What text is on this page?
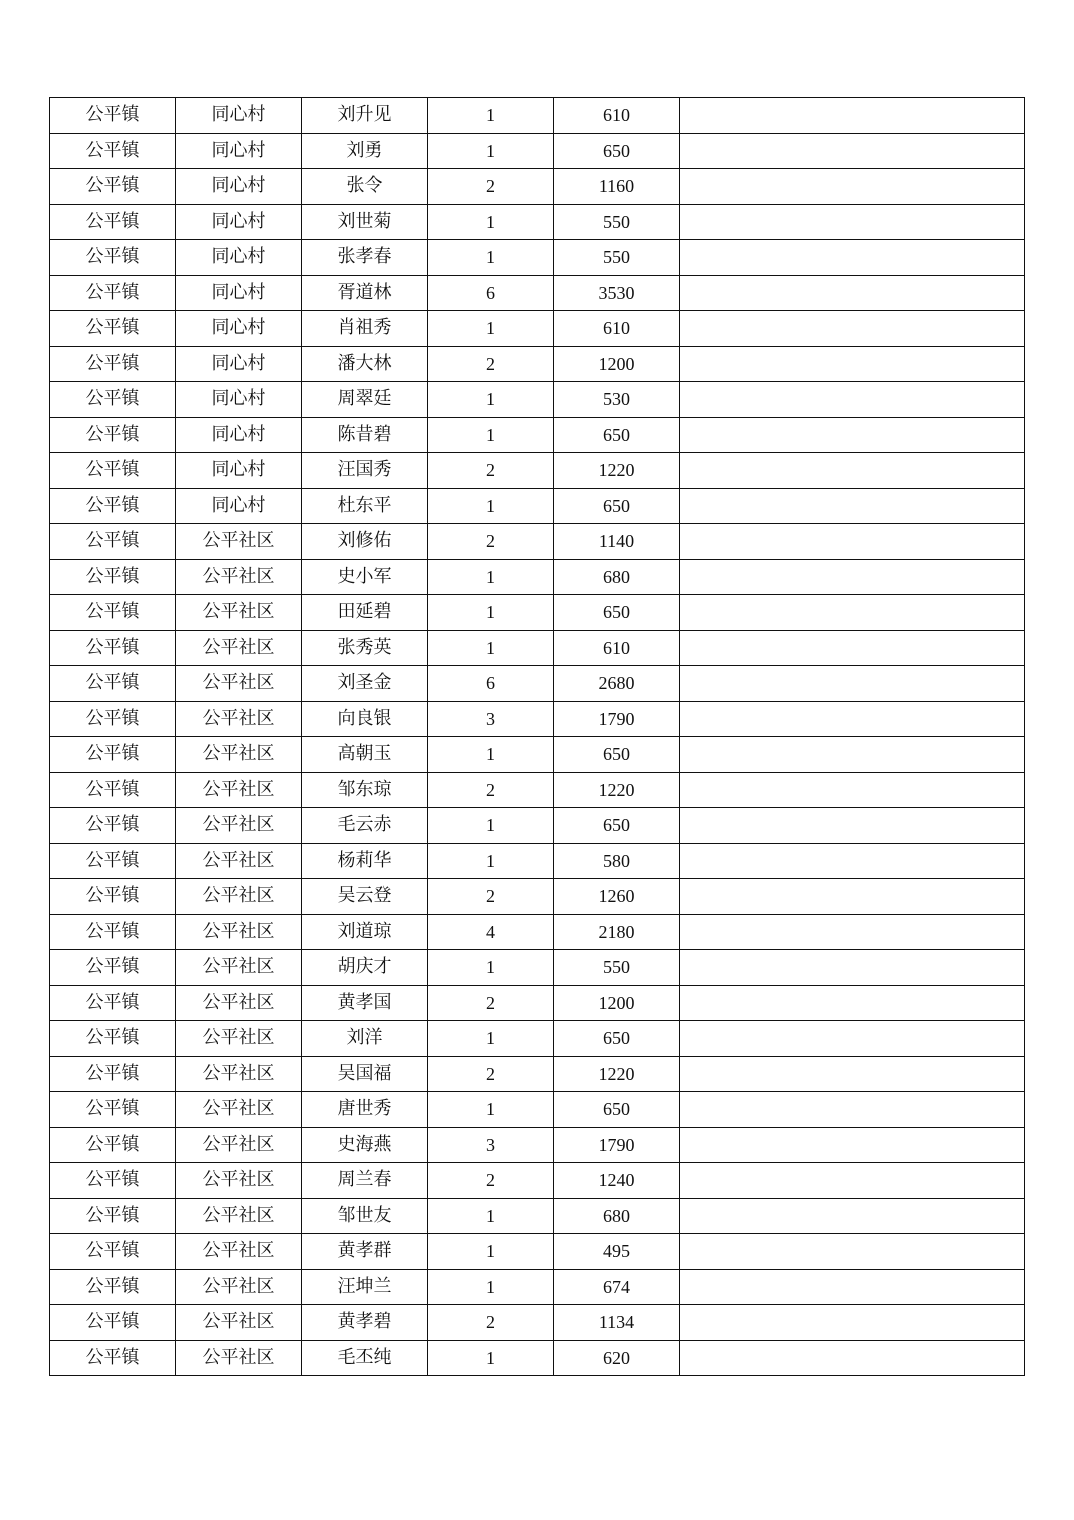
公平镇	同心村	刘升见	1	610	
公平镇	同心村	刘勇	1	650	
公平镇	同心村	张令	2	1160	
公平镇	同心村	刘世菊	1	550	
公平镇	同心村	张孝春	1	550	
公平镇	同心村	胥道林	6	3530	
公平镇	同心村	肖祖秀	1	610	
公平镇	同心村	潘大林	2	1200	
公平镇	同心村	周翠廷	1	530	
公平镇	同心村	陈昔碧	1	650	
公平镇	同心村	汪国秀	2	1220	
公平镇	同心村	杜东平	1	650	
公平镇	公平社区	刘修佑	2	1140	
公平镇	公平社区	史小军	1	680	
公平镇	公平社区	田延碧	1	650	
公平镇	公平社区	张秀英	1	610	
公平镇	公平社区	刘圣金	6	2680	
公平镇	公平社区	向良银	3	1790	
公平镇	公平社区	高朝玉	1	650	
公平镇	公平社区	邹东琼	2	1220	
公平镇	公平社区	毛云赤	1	650	
公平镇	公平社区	杨莉华	1	580	
公平镇	公平社区	吴云登	2	1260	
公平镇	公平社区	刘道琼	4	2180	
公平镇	公平社区	胡庆才	1	550	
公平镇	公平社区	黄孝国	2	1200	
公平镇	公平社区	刘洋	1	650	
公平镇	公平社区	吴国福	2	1220	
公平镇	公平社区	唐世秀	1	650	
公平镇	公平社区	史海燕	3	1790	
公平镇	公平社区	周兰春	2	1240	
公平镇	公平社区	邹世友	1	680	
公平镇	公平社区	黄孝群	1	495	
公平镇	公平社区	汪坤兰	1	674	
公平镇	公平社区	黄孝碧	2	1134	
公平镇	公平社区	毛丕纯	1	620	
